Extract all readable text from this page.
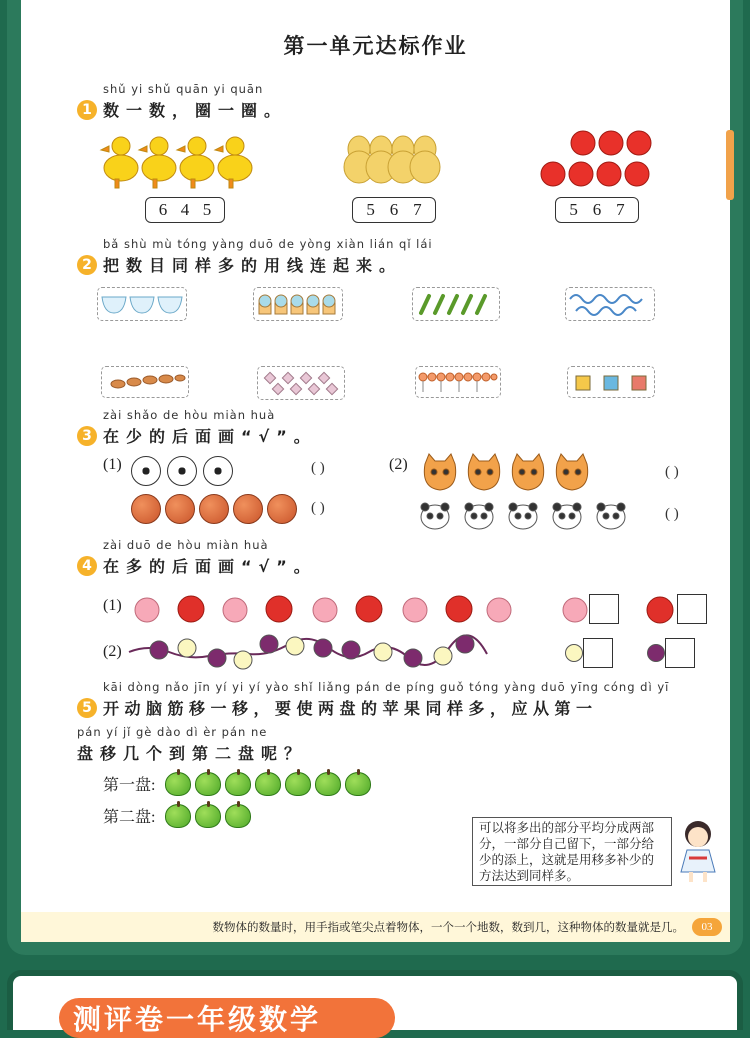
第一单元达标作业
shǔ yi shǔ quān yi quān
1 数一数，圈一圈。
6 4 5	5 6 7	5 6 7
bǎ shù mù tóng yàng duō de yòng xiàn lián qǐ lái
2 把数目同样多的用线连起来。
zài shǎo de hòu miàn huà
3 在少的后面画“√”。
(1)	( )
( )
(2)	( )
( )
zài duō de hòu miàn huà
4 在多的后面画“√”。
(1)
(2)
kāi dòng nǎo jīn yí yi yí yào shǐ liǎng pán de píng guǒ tóng yàng duō yīng cóng dì yī
5 开动脑筋移一移，要使两盘的苹果同样多，应从第一
pán yí jǐ gè dào dì èr pán ne
盘移几个到第二盘呢？
第一盘:
第二盘:
可以将多出的部分平均分成两部分，一部分自己留下，一部分给少的添上，这就是用移多补少的方法达到同样多。
数物体的数量时，用手指或笔尖点着物体，一个一个地数，数到几，这种物体的数量就是几。	03
测评卷一年级数学
